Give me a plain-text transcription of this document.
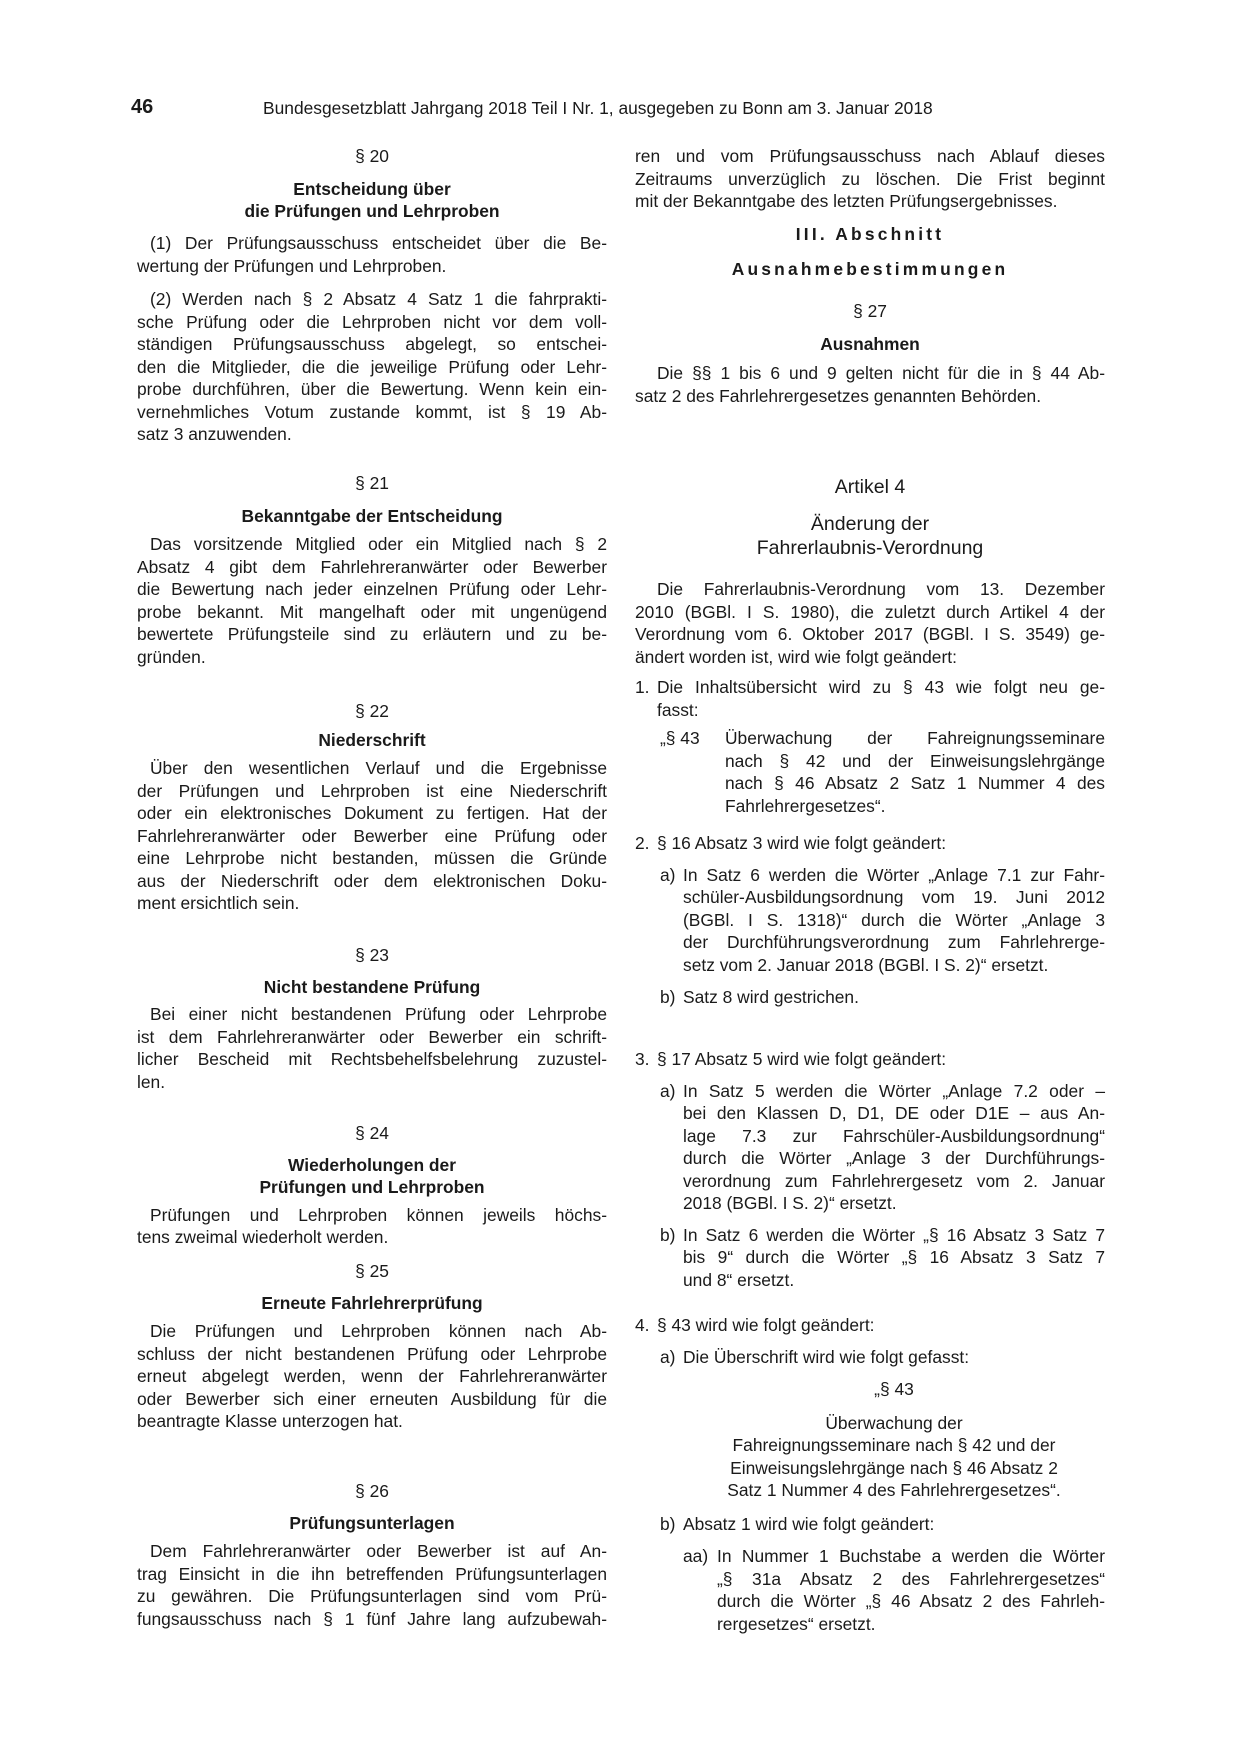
46	Bundesgesetzblatt Jahrgang 2018 Teil I Nr. 1, ausgegeben zu Bonn am 3. Januar 2018
§ 20
Entscheidung über
die Prüfungen und Lehrproben
(1) Der Prüfungsausschuss entscheidet über die Be-
wertung der Prüfungen und Lehrproben.
(2) Werden nach § 2 Absatz 4 Satz 1 die fahrprakti-
sche Prüfung oder die Lehrproben nicht vor dem voll-
ständigen Prüfungsausschuss abgelegt, so entschei-
den die Mitglieder, die die jeweilige Prüfung oder Lehr-
probe durchführen, über die Bewertung. Wenn kein ein-
vernehmliches Votum zustande kommt, ist § 19 Ab-
satz 3 anzuwenden.
§ 21
Bekanntgabe der Entscheidung
Das vorsitzende Mitglied oder ein Mitglied nach § 2
Absatz 4 gibt dem Fahrlehreranwärter oder Bewerber
die Bewertung nach jeder einzelnen Prüfung oder Lehr-
probe bekannt. Mit mangelhaft oder mit ungenügend
bewertete Prüfungsteile sind zu erläutern und zu be-
gründen.
§ 22
Niederschrift
Über den wesentlichen Verlauf und die Ergebnisse
der Prüfungen und Lehrproben ist eine Niederschrift
oder ein elektronisches Dokument zu fertigen. Hat der
Fahrlehreranwärter oder Bewerber eine Prüfung oder
eine Lehrprobe nicht bestanden, müssen die Gründe
aus der Niederschrift oder dem elektronischen Doku-
ment ersichtlich sein.
§ 23
Nicht bestandene Prüfung
Bei einer nicht bestandenen Prüfung oder Lehrprobe
ist dem Fahrlehreranwärter oder Bewerber ein schrift-
licher Bescheid mit Rechtsbehelfsbelehrung zuzustel-
len.
§ 24
Wiederholungen der
Prüfungen und Lehrproben
Prüfungen und Lehrproben können jeweils höchs-
tens zweimal wiederholt werden.
§ 25
Erneute Fahrlehrerprüfung
Die Prüfungen und Lehrproben können nach Ab-
schluss der nicht bestandenen Prüfung oder Lehrprobe
erneut abgelegt werden, wenn der Fahrlehreranwärter
oder Bewerber sich einer erneuten Ausbildung für die
beantragte Klasse unterzogen hat.
§ 26
Prüfungsunterlagen
Dem Fahrlehreranwärter oder Bewerber ist auf An-
trag Einsicht in die ihn betreffenden Prüfungsunterlagen
zu gewähren. Die Prüfungsunterlagen sind vom Prü-
fungsausschuss nach § 1 fünf Jahre lang aufzubewah-
ren und vom Prüfungsausschuss nach Ablauf dieses
Zeitraums unverzüglich zu löschen. Die Frist beginnt
mit der Bekanntgabe des letzten Prüfungsergebnisses.
III. Abschnitt
Ausnahmebestimmungen
§ 27
Ausnahmen
Die §§ 1 bis 6 und 9 gelten nicht für die in § 44 Ab-
satz 2 des Fahrlehrergesetzes genannten Behörden.
Artikel 4
Änderung der
Fahrerlaubnis-Verordnung
Die Fahrerlaubnis-Verordnung vom 13. Dezember
2010 (BGBl. I S. 1980), die zuletzt durch Artikel 4 der
Verordnung vom 6. Oktober 2017 (BGBl. I S. 3549) ge-
ändert worden ist, wird wie folgt geändert:
1. Die Inhaltsübersicht wird zu § 43 wie folgt neu ge-
fasst:
„§ 43 Überwachung der Fahreignungsseminare
nach § 42 und der Einweisungslehrgänge
nach § 46 Absatz 2 Satz 1 Nummer 4 des
Fahrlehrergesetzes“.
2. § 16 Absatz 3 wird wie folgt geändert:
a) In Satz 6 werden die Wörter „Anlage 7.1 zur Fahr-
schüler-Ausbildungsordnung vom 19. Juni 2012
(BGBl. I S. 1318)“ durch die Wörter „Anlage 3
der Durchführungsverordnung zum Fahrlehrerge-
setz vom 2. Januar 2018 (BGBl. I S. 2)“ ersetzt.
b) Satz 8 wird gestrichen.
3. § 17 Absatz 5 wird wie folgt geändert:
a) In Satz 5 werden die Wörter „Anlage 7.2 oder –
bei den Klassen D, D1, DE oder D1E – aus An-
lage 7.3 zur Fahrschüler-Ausbildungsordnung“
durch die Wörter „Anlage 3 der Durchführungs-
verordnung zum Fahrlehrergesetz vom 2. Januar
2018 (BGBl. I S. 2)“ ersetzt.
b) In Satz 6 werden die Wörter „§ 16 Absatz 3 Satz 7
bis 9“ durch die Wörter „§ 16 Absatz 3 Satz 7
und 8“ ersetzt.
4. § 43 wird wie folgt geändert:
a) Die Überschrift wird wie folgt gefasst:
„§ 43
Überwachung der
Fahreignungsseminare nach § 42 und der
Einweisungslehrgänge nach § 46 Absatz 2
Satz 1 Nummer 4 des Fahrlehrergesetzes“.
b) Absatz 1 wird wie folgt geändert:
aa) In Nummer 1 Buchstabe a werden die Wörter
„§ 31a Absatz 2 des Fahrlehrergesetzes“
durch die Wörter „§ 46 Absatz 2 des Fahrleh-
rergesetzes“ ersetzt.
